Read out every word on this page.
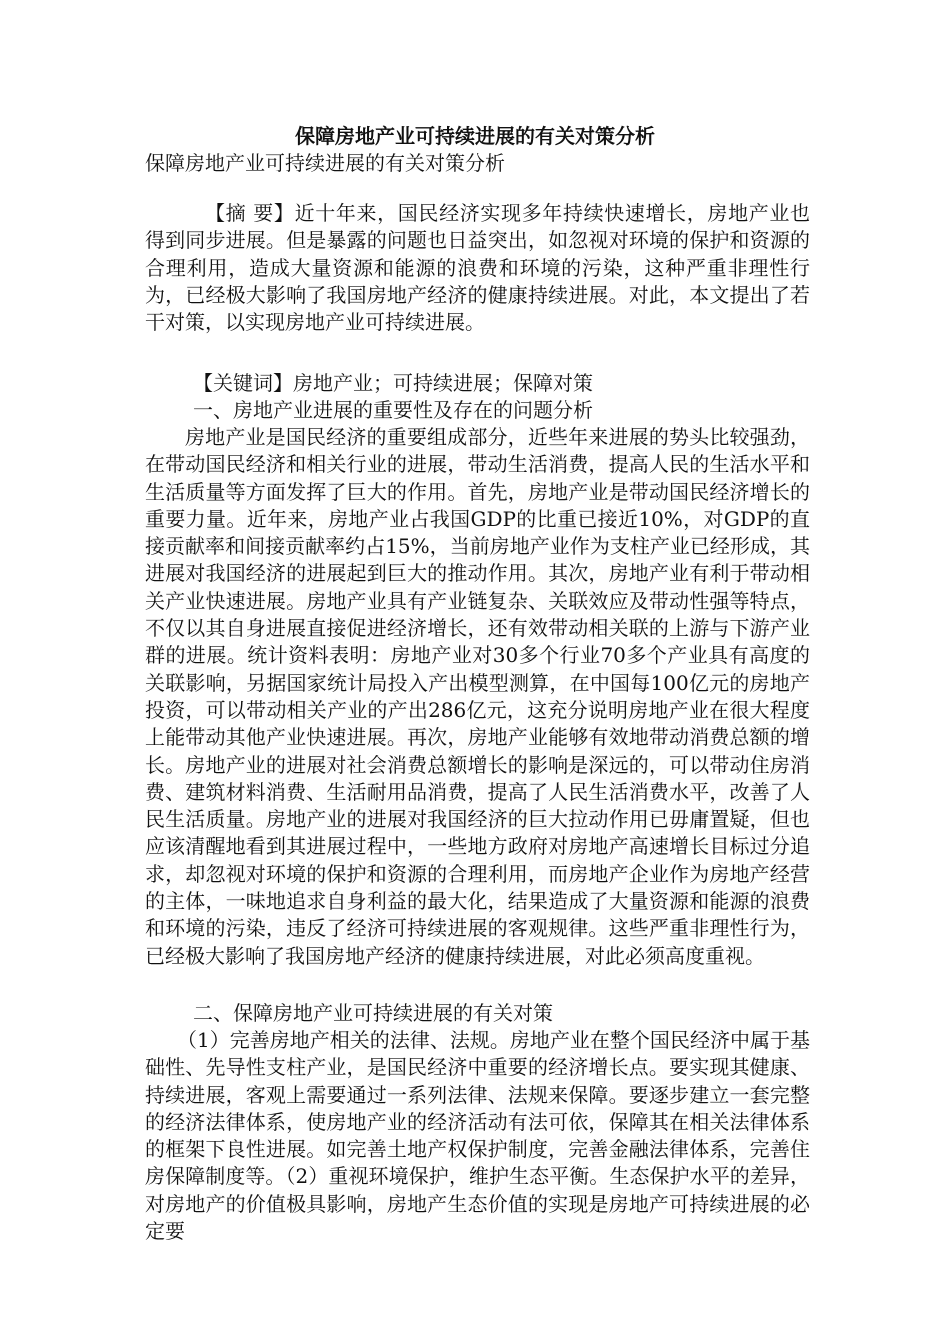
保障房地产业可持续进展的有关对策分析
保障房地产业可持续进展的有关对策分析
【摘 要】近十年来，国民经济实现多年持续快速增长，房地产业也得到同步进展。但是暴露的问题也日益突出，如忽视对环境的保护和资源的合理利用，造成大量资源和能源的浪费和环境的污染，这种严重非理性行为，已经极大影响了我国房地产经济的健康持续进展。对此，本文提出了若干对策，以实现房地产业可持续进展。
【关键词】房地产业；可持续进展；保障对策
一、房地产业进展的重要性及存在的问题分析
房地产业是国民经济的重要组成部分，近些年来进展的势头比较强劲，在带动国民经济和相关行业的进展，带动生活消费，提高人民的生活水平和生活质量等方面发挥了巨大的作用。首先，房地产业是带动国民经济增长的重要力量。近年来，房地产业占我国GDP的比重已接近10%，对GDP的直接贡献率和间接贡献率约占15%，当前房地产业作为支柱产业已经形成，其进展对我国经济的进展起到巨大的推动作用。其次，房地产业有利于带动相关产业快速进展。房地产业具有产业链复杂、关联效应及带动性强等特点，不仅以其自身进展直接促进经济增长，还有效带动相关联的上游与下游产业群的进展。统计资料表明：房地产业对30多个行业70多个产业具有高度的关联影响，另据国家统计局投入产出模型测算，在中国每100亿元的房地产投资，可以带动相关产业的产出286亿元，这充分说明房地产业在很大程度上能带动其他产业快速进展。再次，房地产业能够有效地带动消费总额的增长。房地产业的进展对社会消费总额增长的影响是深远的，可以带动住房消费、建筑材料消费、生活耐用品消费，提高了人民生活消费水平，改善了人民生活质量。房地产业的进展对我国经济的巨大拉动作用已毋庸置疑，但也应该清醒地看到其进展过程中，一些地方政府对房地产高速增长目标过分追求，却忽视对环境的保护和资源的合理利用，而房地产企业作为房地产经营的主体，一味地追求自身利益的最大化，结果造成了大量资源和能源的浪费和环境的污染，违反了经济可持续进展的客观规律。这些严重非理性行为，已经极大影响了我国房地产经济的健康持续进展，对此必须高度重视。
二、保障房地产业可持续进展的有关对策
（1）完善房地产相关的法律、法规。房地产业在整个国民经济中属于基础性、先导性支柱产业，是国民经济中重要的经济增长点。要实现其健康、持续进展，客观上需要通过一系列法律、法规来保障。要逐步建立一套完整的经济法律体系，使房地产业的经济活动有法可依，保障其在相关法律体系的框架下良性进展。如完善土地产权保护制度，完善金融法律体系，完善住房保障制度等。（2）重视环境保护，维护生态平衡。生态保护水平的差异，对房地产的价值极具影响，房地产生态价值的实现是房地产可持续进展的必定要
